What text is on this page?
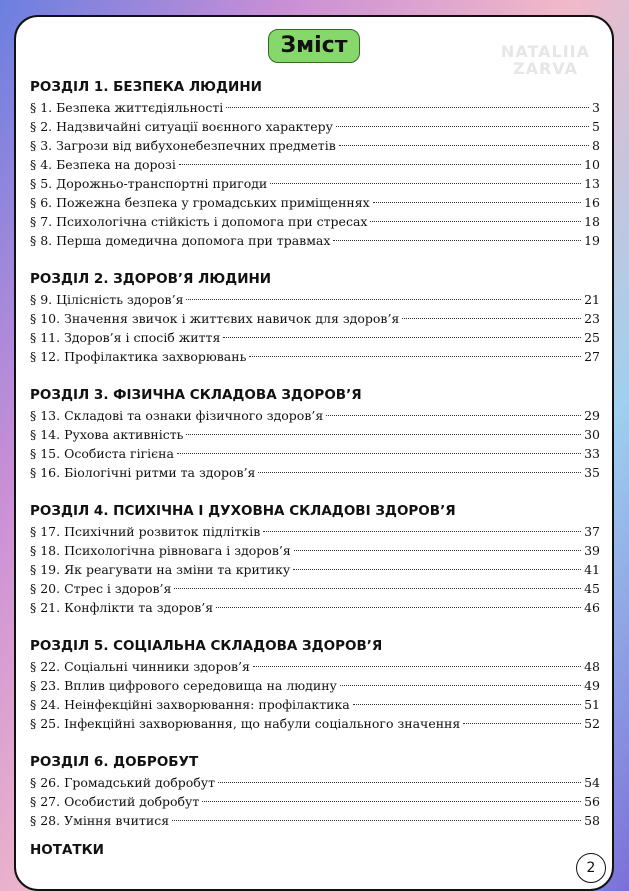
Зміст	NATALIIA
ZARVA
РОЗДІЛ 1. БЕЗПЕКА ЛЮДИНИ
§ 1. Безпека життєдіяльності	3
§ 2. Надзвичайні ситуації воєнного характеру	5
§ 3. Загрози від вибухонебезпечних предметів	8
§ 4. Безпека на дорозі	10
§ 5. Дорожньо-транспортні пригоди	13
§ 6. Пожежна безпека у громадських приміщеннях	16
§ 7. Психологічна стійкість і допомога при стресах	18
§ 8. Перша домедична допомога при травмах	19
РОЗДІЛ 2. ЗДОРОВ’Я ЛЮДИНИ
§ 9. Цілісність здоров’я	21
§ 10. Значення звичок і життєвих навичок для здоров’я	23
§ 11. Здоров’я і спосіб життя	25
§ 12. Профілактика захворювань	27
РОЗДІЛ 3. ФІЗИЧНА СКЛАДОВА ЗДОРОВ’Я
§ 13. Складові та ознаки фізичного здоров’я	29
§ 14. Рухова активність	30
§ 15. Особиста гігієна	33
§ 16. Біологічні ритми та здоров’я	35
РОЗДІЛ 4. ПСИХІЧНА І ДУХОВНА СКЛАДОВІ ЗДОРОВ’Я
§ 17. Психічний розвиток підлітків	37
§ 18. Психологічна рівновага і здоров’я	39
§ 19. Як реагувати на зміни та критику	41
§ 20. Стрес і здоров’я	45
§ 21. Конфлікти та здоров’я	46
РОЗДІЛ 5. СОЦІАЛЬНА СКЛАДОВА ЗДОРОВ’Я
§ 22. Соціальні чинники здоров’я	48
§ 23. Вплив цифрового середовища на людину	49
§ 24. Неінфекційні захворювання: профілактика	51
§ 25. Інфекційні захворювання, що набули соціального значення	52
РОЗДІЛ 6. ДОБРОБУТ
§ 26. Громадський добробут	54
§ 27. Особистий добробут	56
§ 28. Уміння вчитися	58
НОТАТКИ
2
